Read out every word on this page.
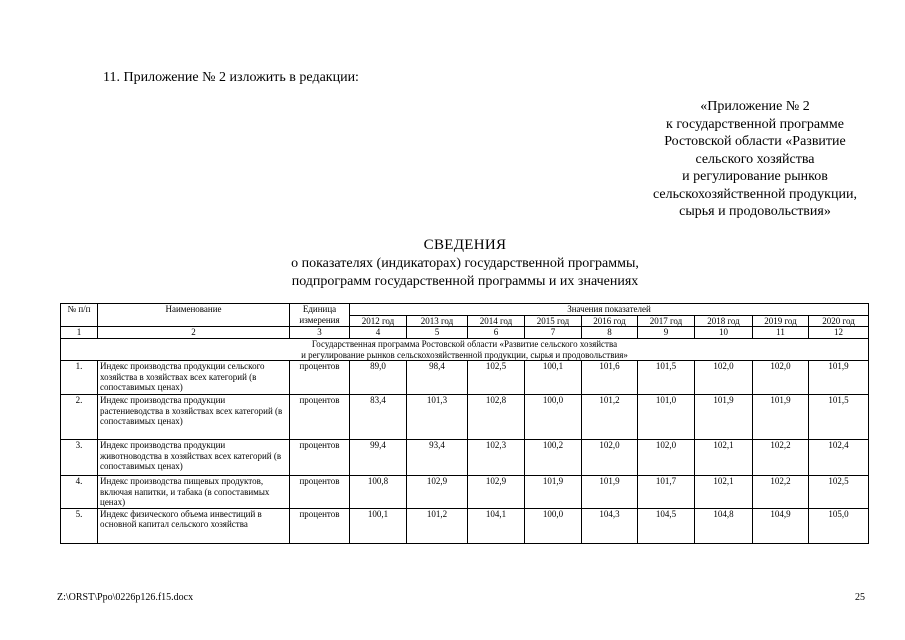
11. Приложение № 2 изложить в редакции:
«Приложение № 2
к государственной программе
Ростовской области «Развитие
сельского хозяйства
и регулирование рынков
сельскохозяйственной продукции,
сырья и продовольствия»
СВЕДЕНИЯ
о показателях (индикаторах) государственной программы,
подпрограмм государственной программы и их значениях
№ п/п	Наименование	Единица измерения	Значения показателей								
			2012 год	2013 год	2014 год	2015 год	2016 год	2017 год	2018 год	2019 год	2020 год
1	2	3	4	5	6	7	8	9	10	11	12

Государственная программа Ростовской области «Развитие сельского хозяйства
и регулирование рынков сельскохозяйственной продукции, сырья и продовольствия»											

1.	Индекс производства продукции сельского хозяйства в хозяйствах всех категорий (в сопоставимых ценах)	процентов	89,0	98,4	102,5	100,1	101,6	101,5	102,0	102,0	101,9
2.	Индекс производства продукции растениеводства в хозяйствах всех категорий (в сопоставимых ценах)	процентов	83,4	101,3	102,8	100,0	101,2	101,0	101,9	101,9	101,5
3.	Индекс производства продукции животноводства в хозяйствах всех категорий (в сопоставимых ценах)	процентов	99,4	93,4	102,3	100,2	102,0	102,0	102,1	102,2	102,4
4.	Индекс производства пищевых продуктов, включая напитки, и табака (в сопоставимых ценах)	процентов	100,8	102,9	102,9	101,9	101,9	101,7	102,1	102,2	102,5
5.	Индекс физического объема инвестиций в основной капитал сельского хозяйства	процентов	100,1	101,2	104,1	100,0	104,3	104,5	104,8	104,9	105,0
Z:\ORST\Ppo\0226p126.f15.docx	25
